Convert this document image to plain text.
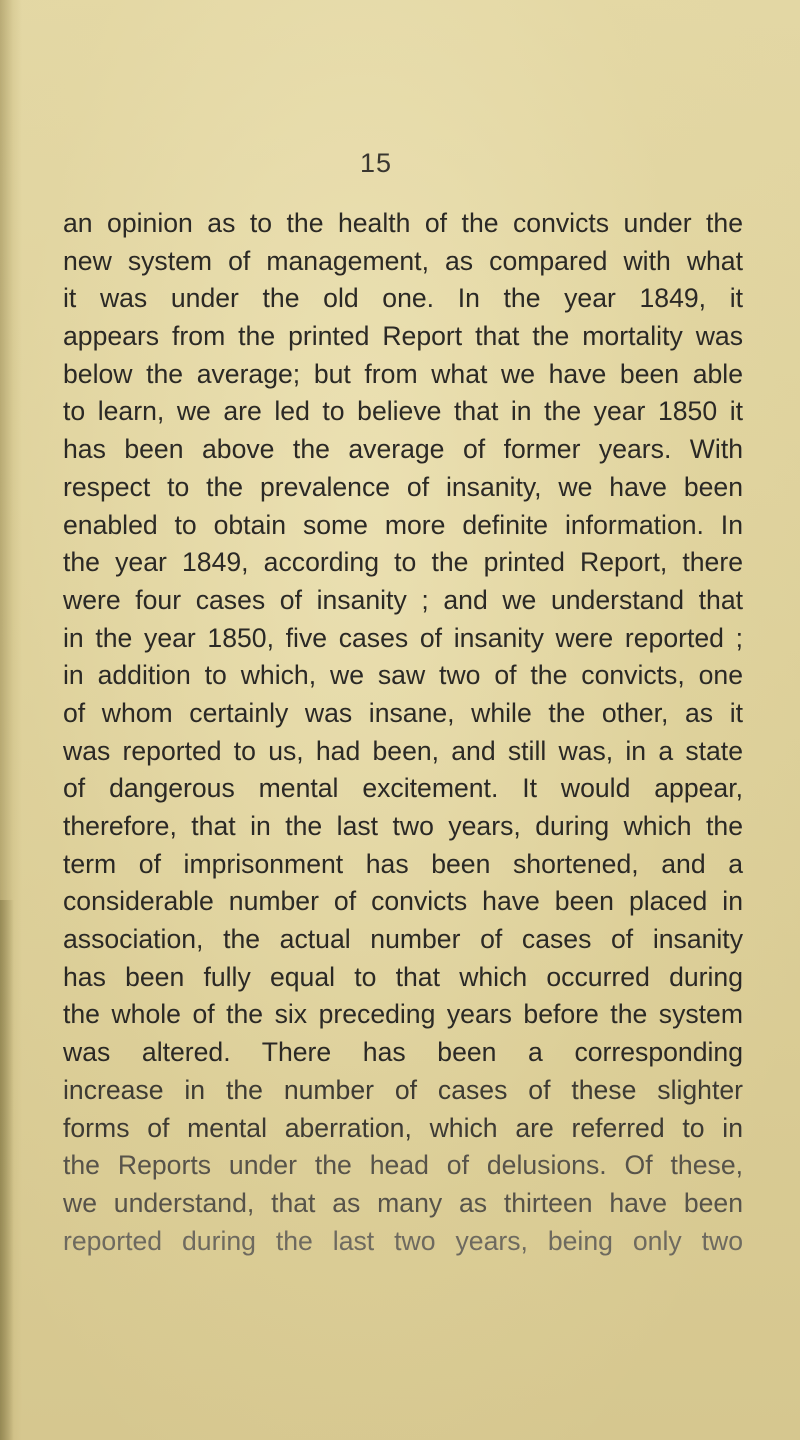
15
an opinion as to the health of the convicts under the
new system of management, as compared with what
it was under the old one. In the year 1849, it
appears from the printed Report that the mortality was
below the average; but from what we have been able
to learn, we are led to believe that in the year 1850 it
has been above the average of former years. With
respect to the prevalence of insanity, we have been
enabled to obtain some more definite information. In
the year 1849, according to the printed Report, there
were four cases of insanity ; and we understand that
in the year 1850, five cases of insanity were reported ;
in addition to which, we saw two of the convicts, one
of whom certainly was insane, while the other, as it
was reported to us, had been, and still was, in a state
of dangerous mental excitement. It would appear,
therefore, that in the last two years, during which the
term of imprisonment has been shortened, and a
considerable number of convicts have been placed in
association, the actual number of cases of insanity
has been fully equal to that which occurred during
the whole of the six preceding years before the system
was altered. There has been a corresponding
increase in the number of cases of these slighter
forms of mental aberration, which are referred to in
the Reports under the head of delusions. Of these,
we understand, that as many as thirteen have been
reported during the last two years, being only two
